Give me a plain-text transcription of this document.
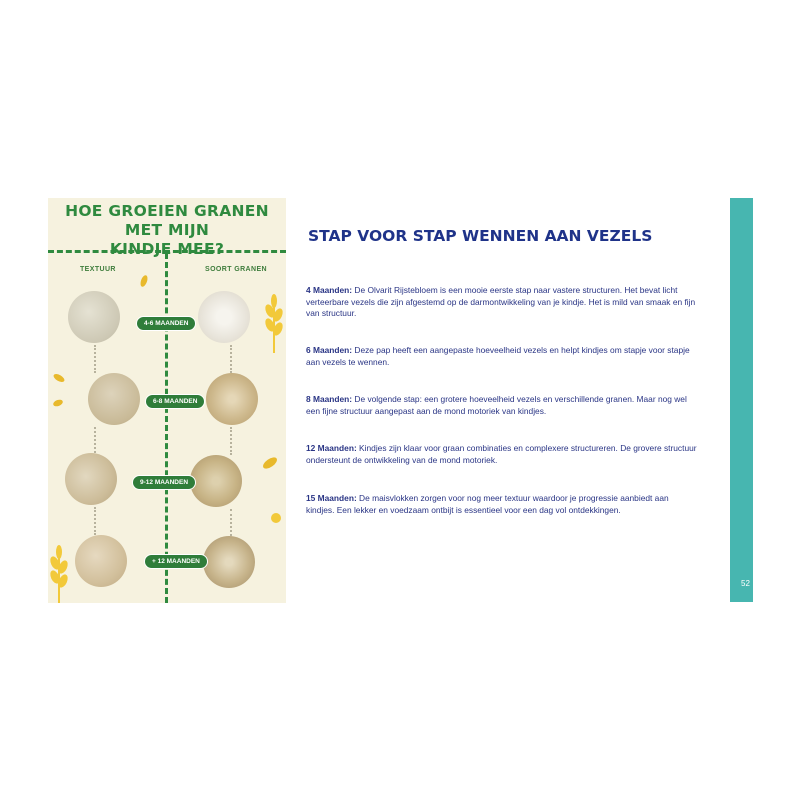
HOE GROEIEN GRANEN MET MIJN
KINDJE MEE?
TEXTUUR	SOORT GRANEN
4-6 MAANDEN
6-8 MAANDEN
9-12 MAANDEN
+ 12 MAANDEN
STAP VOOR STAP WENNEN AAN VEZELS
4 Maanden: De Olvarit Rijstebloem is een mooie eerste stap naar vastere structuren. Het bevat licht verteerbare vezels die zijn afgestemd op de darmontwikkeling van je kindje. Het is mild van smaak en fijn van structuur.
6 Maanden: Deze pap heeft een aangepaste hoeveelheid vezels en helpt kindjes om stapje voor stapje aan vezels te wennen.
8 Maanden: De volgende stap: een grotere hoeveelheid vezels en verschillende granen. Maar nog wel een fijne structuur aangepast aan de mond motoriek van kindjes.
12 Maanden: Kindjes zijn klaar voor graan combinaties en complexere structureren. De grovere structuur ondersteunt de ontwikkeling van de mond motoriek.
15 Maanden: De maisvlokken zorgen voor nog meer textuur waardoor je progressie aanbiedt aan kindjes. Een lekker en voedzaam ontbijt is essentieel voor een dag vol ontdekkingen.
52
